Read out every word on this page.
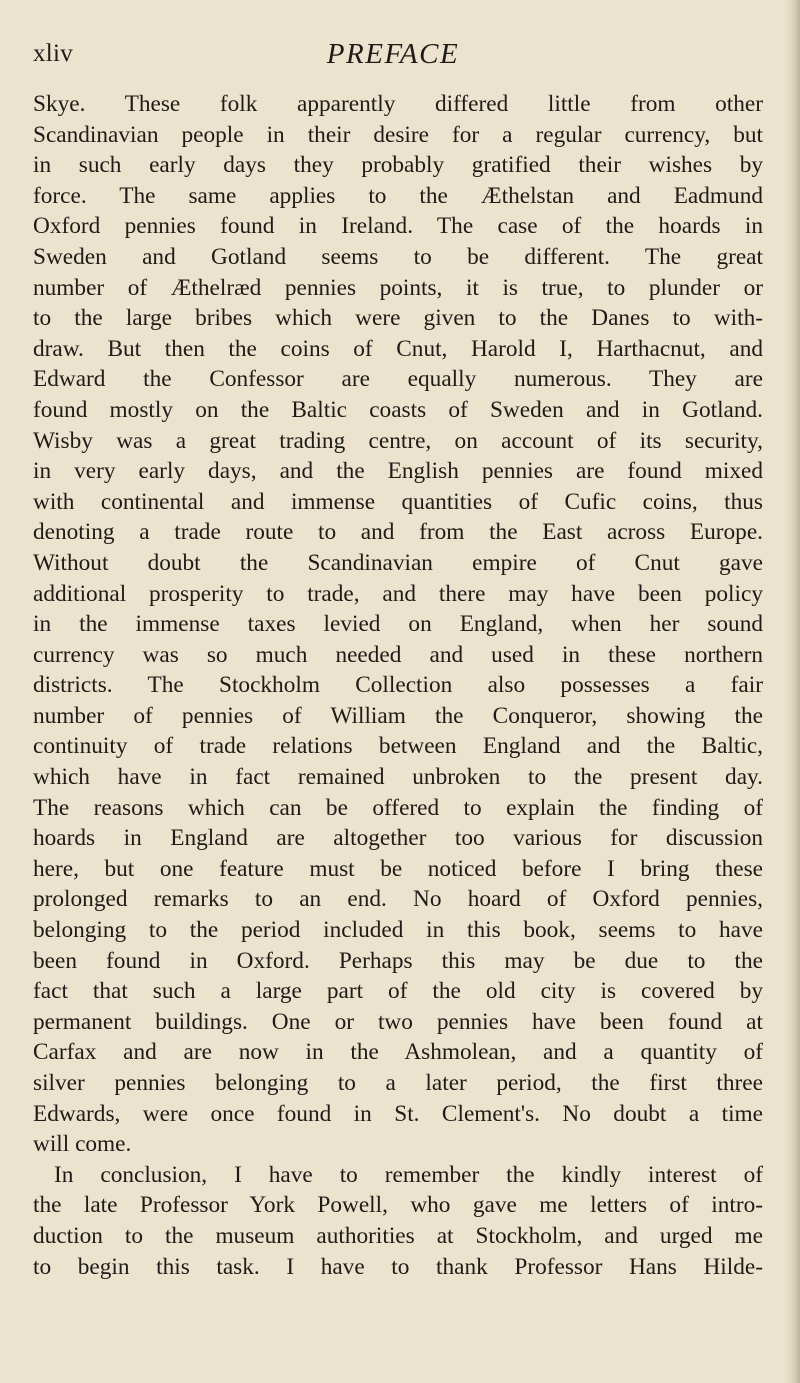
xliv	PREFACE
Skye. These folk apparently differed little from other
Scandinavian people in their desire for a regular currency, but
in such early days they probably gratified their wishes by
force. The same applies to the Æthelstan and Eadmund
Oxford pennies found in Ireland. The case of the hoards in
Sweden and Gotland seems to be different. The great
number of Æthelræd pennies points, it is true, to plunder or
to the large bribes which were given to the Danes to with-
draw. But then the coins of Cnut, Harold I, Harthacnut, and
Edward the Confessor are equally numerous. They are
found mostly on the Baltic coasts of Sweden and in Gotland.
Wisby was a great trading centre, on account of its security,
in very early days, and the English pennies are found mixed
with continental and immense quantities of Cufic coins, thus
denoting a trade route to and from the East across Europe.
Without doubt the Scandinavian empire of Cnut gave
additional prosperity to trade, and there may have been policy
in the immense taxes levied on England, when her sound
currency was so much needed and used in these northern
districts. The Stockholm Collection also possesses a fair
number of pennies of William the Conqueror, showing the
continuity of trade relations between England and the Baltic,
which have in fact remained unbroken to the present day.
The reasons which can be offered to explain the finding of
hoards in England are altogether too various for discussion
here, but one feature must be noticed before I bring these
prolonged remarks to an end. No hoard of Oxford pennies,
belonging to the period included in this book, seems to have
been found in Oxford. Perhaps this may be due to the
fact that such a large part of the old city is covered by
permanent buildings. One or two pennies have been found at
Carfax and are now in the Ashmolean, and a quantity of
silver pennies belonging to a later period, the first three
Edwards, were once found in St. Clement's. No doubt a time
will come.
In conclusion, I have to remember the kindly interest of
the late Professor York Powell, who gave me letters of intro-
duction to the museum authorities at Stockholm, and urged me
to begin this task. I have to thank Professor Hans Hilde-
